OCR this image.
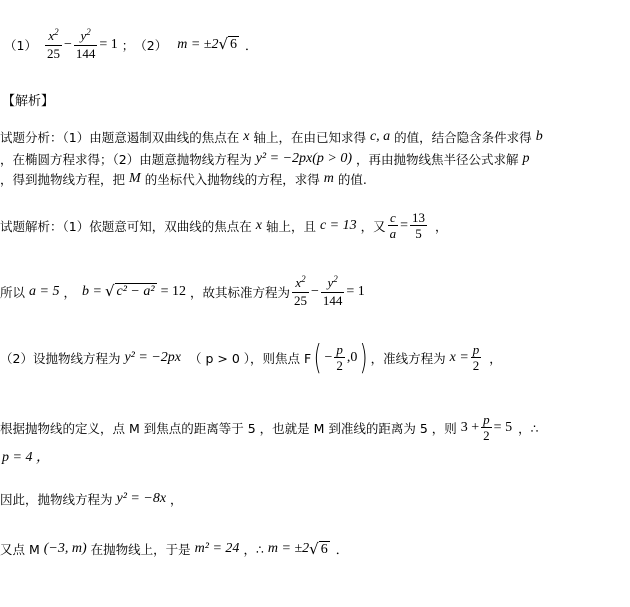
$(1) \frac{x^2}{25} - \frac{y^2}{144} = 1$ ； （2） m = ±2 √ 6 ．
【解析】
试题分析：（1）由题意遏制双曲线的焦点在 x 轴上，在由已知求得 c, a 的值，结合隐含条件求得 b
，在椭圆方程求得；（2）由题意抛物线方程为 y² = −2px(p > 0) ，再由抛物线焦半径公式求解 p
，得到抛物线方程，把 M 的坐标代入抛物线的方程，求得 m 的值.
试题解析：（1）依题意可知，双曲线的焦点在 x 轴上，且 c = 13 ，又 $\frac{c}{a} = \frac{13}{5}$ ，
所以 a = 5 ， b = √ c² − a² = 12 ，故其标准方程为 $\frac{x^2}{25} - \frac{y^2}{144} = 1$
（2）设抛物线方程为 y² = −2px （ p > 0 ），则焦点 F ( − $\frac{p}{2} ,0$ ) ，准线方程为 $x = \frac{p}{2}$ ，
根据抛物线的定义，点 M 到焦点的距离等于 5 ，也就是 M 到准线的距离为 5 ，则 $3 + \frac{p}{2} = 5$ ，∴
p = 4 ，
因此，抛物线方程为 y² = −8x ，
又点 M (−3, m) 在抛物线上，于是 m² = 24 ，∴ m = ±2 √ 6 ．
